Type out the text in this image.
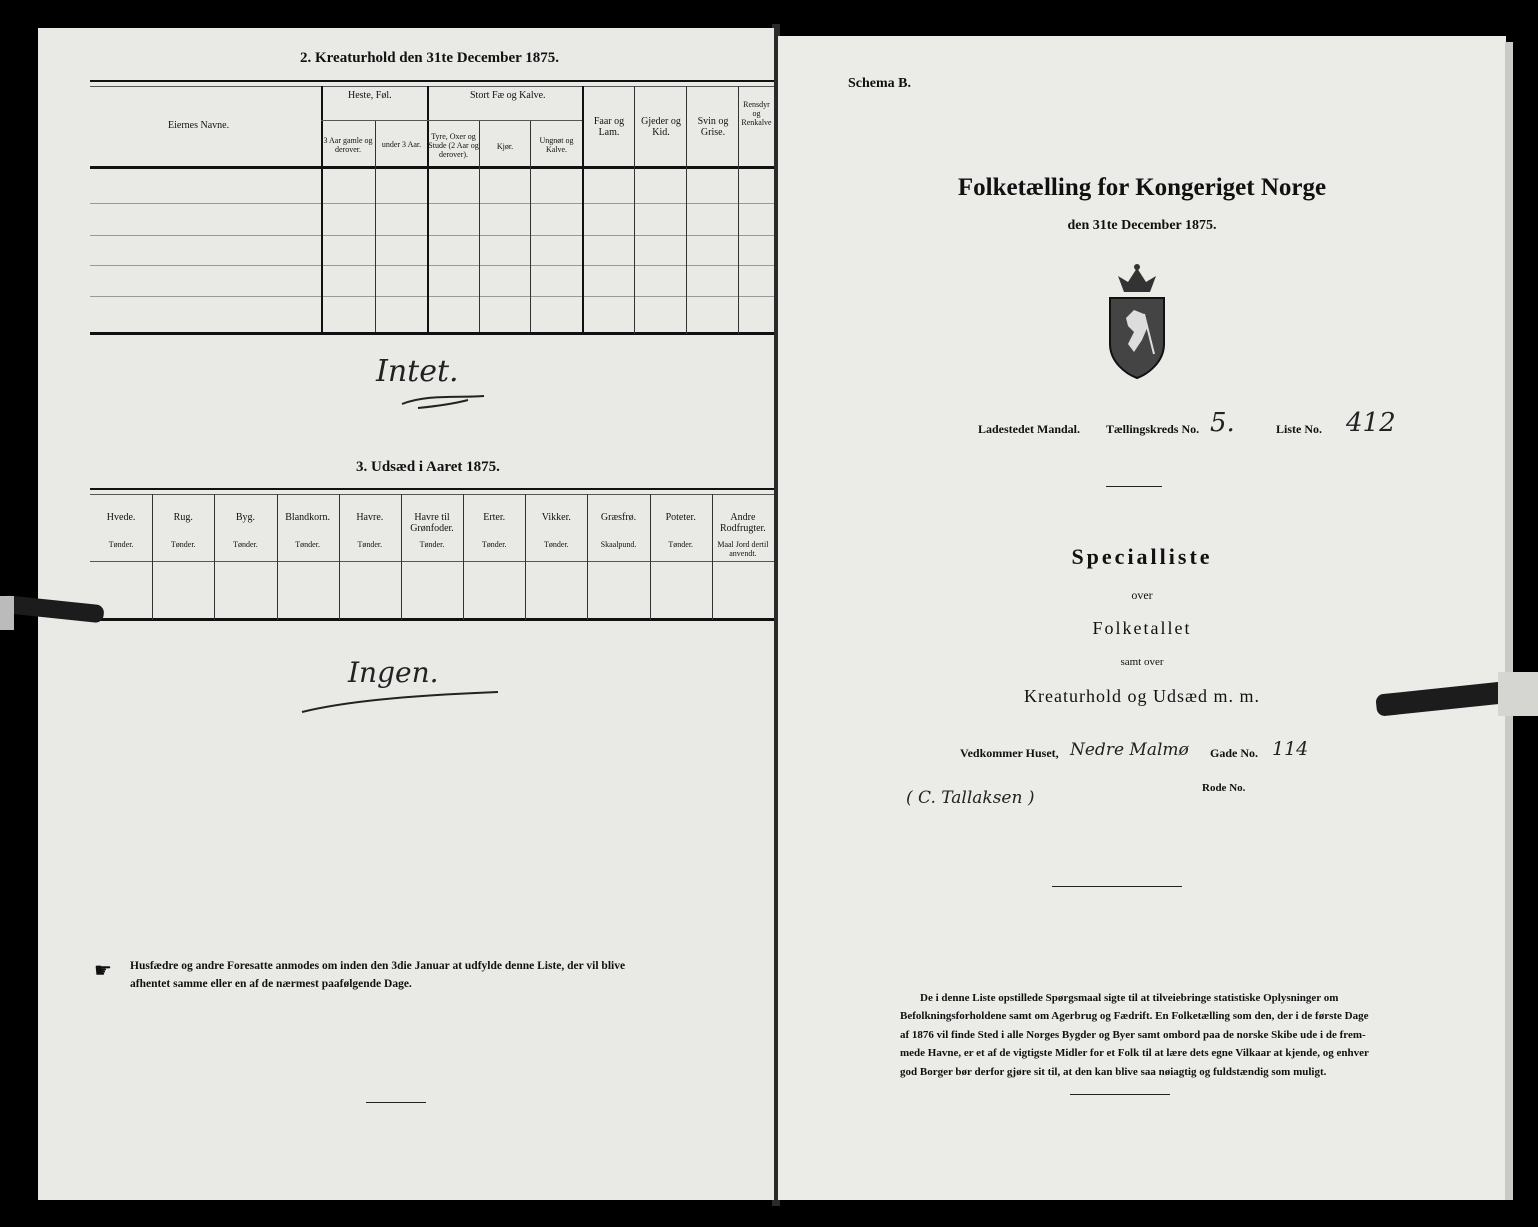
2. Kreaturhold den 31te December 1875.
Eiernes Navne.
Heste, Føl.
3 Aar gamle og derover.
under 3 Aar.
Stort Fæ og Kalve.
Tyre, Oxer og Stude (2 Aar og derover).
Kjør.
Ungnøt og Kalve.
Faar og Lam.
Gjeder og Kid.
Svin og Grise.
Rensdyr og Renkalve
Intet.
3. Udsæd i Aaret 1875.
Hvede.
Tønder.
Rug.
Tønder.
Byg.
Tønder.
Blandkorn.
Tønder.
Havre.
Tønder.
Havre til Grønfoder.
Tønder.
Erter.
Tønder.
Vikker.
Tønder.
Græsfrø.
Skaalpund.
Poteter.
Tønder.
Andre Rodfrugter.
Maal Jord dertil anvendt.
Ingen.
☛ Husfædre og andre Foresatte anmodes om inden den 3die Januar at udfylde denne Liste, der vil blive
afhentet samme eller en af de nærmest paafølgende Dage.
Schema B.
Folketælling for Kongeriget Norge
den 31te December 1875.
Ladestedet Mandal. Tællingskreds No. 5.	Liste No. 412
Specialliste
over
Folketallet
samt over
Kreaturhold og Udsæd m. m.
Vedkommer Huset, Nedre Malmø Gade No. 114
( C. Tallaksen )	Rode No.
De i denne Liste opstillede Spørgsmaal sigte til at tilveiebringe statistiske Oplysninger om
Befolkningsforholdene samt om Agerbrug og Fædrift. En Folketælling som den, der i de første Dage
af 1876 vil finde Sted i alle Norges Bygder og Byer samt ombord paa de norske Skibe ude i de frem-
mede Havne, er et af de vigtigste Midler for et Folk til at lære dets egne Vilkaar at kjende, og enhver
god Borger bør derfor gjøre sit til, at den kan blive saa nøiagtig og fuldstændig som muligt.
